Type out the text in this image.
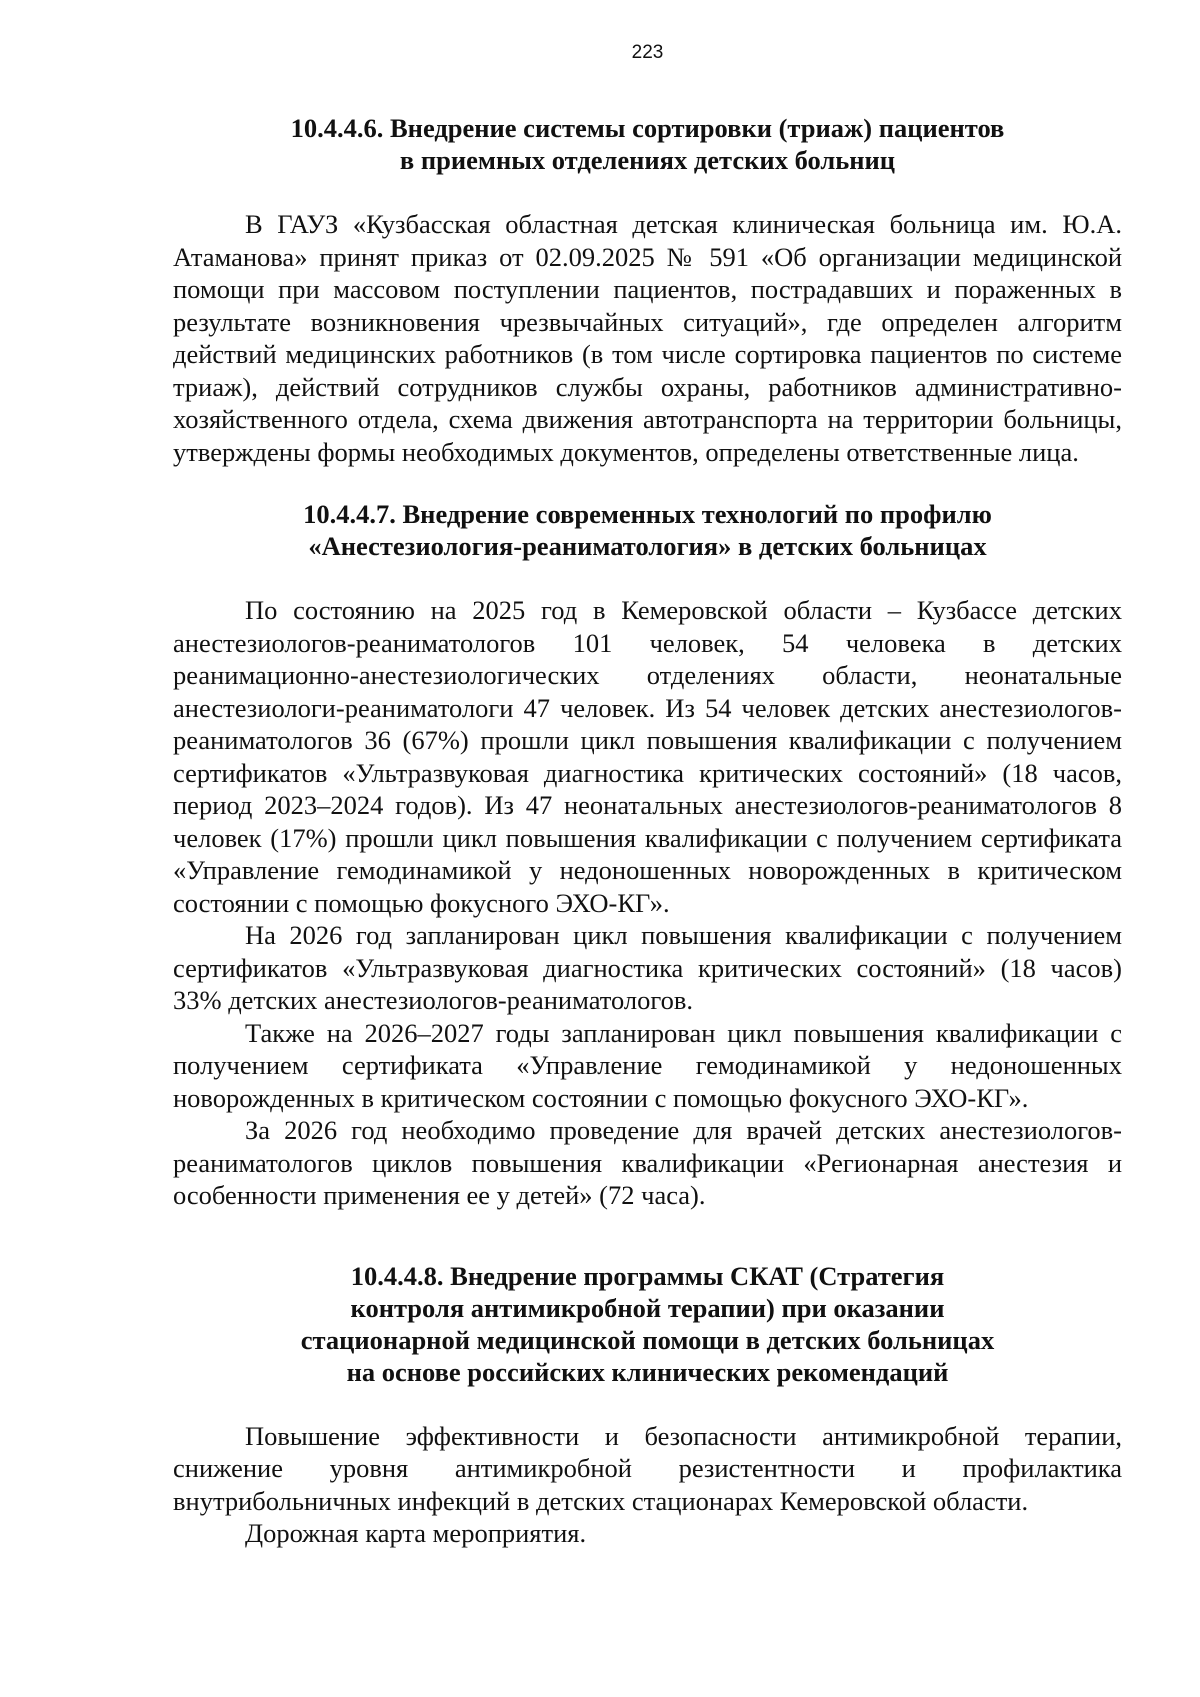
223
10.4.4.6. Внедрение системы сортировки (триаж) пациентов
в приемных отделениях детских больниц

В ГАУЗ «Кузбасская областная детская клиническая больница им. Ю.А. Атаманова» принят приказ от 02.09.2025 № 591 «Об организации медицинской помощи при массовом поступлении пациентов, пострадавших и пораженных в результате возникновения чрезвычайных ситуаций», где определен алгоритм действий медицинских работников (в том числе сортировка пациентов по системе триаж), действий сотрудников службы охраны, работников административно-хозяйственного отдела, схема движения автотранспорта на территории больницы, утверждены формы необходимых документов, определены ответственные лица.

10.4.4.7. Внедрение современных технологий по профилю
«Анестезиология-реаниматология» в детских больницах

По состоянию на 2025 год в Кемеровской области – Кузбассе детских анестезиологов-реаниматологов 101 человек, 54 человека в детских реанимационно-анестезиологических отделениях области, неонатальные анестезиологи-реаниматологи 47 человек. Из 54 человек детских анестезиологов-реаниматологов 36 (67%) прошли цикл повышения квалификации с получением сертификатов «Ультразвуковая диагностика критических состояний» (18 часов, период 2023–2024 годов). Из 47 неонатальных анестезиологов-реаниматологов 8 человек (17%) прошли цикл повышения квалификации с получением сертификата «Управление гемодинамикой у недоношенных новорожденных в критическом состоянии с помощью фокусного ЭХО-КГ».

На 2026 год запланирован цикл повышения квалификации с получением сертификатов «Ультразвуковая диагностика критических состояний» (18 часов) 33% детских анестезиологов-реаниматологов.

Также на 2026–2027 годы запланирован цикл повышения квалификации с получением сертификата «Управление гемодинамикой у недоношенных новорожденных в критическом состоянии с помощью фокусного ЭХО-КГ».

За 2026 год необходимо проведение для врачей детских анестезиологов-реаниматологов циклов повышения квалификации «Регионарная анестезия и особенности применения ее у детей» (72 часа).

10.4.4.8. Внедрение программы СКАТ (Стратегия
контроля антимикробной терапии) при оказании
стационарной медицинской помощи в детских больницах
на основе российских клинических рекомендаций

Повышение эффективности и безопасности антимикробной терапии, снижение уровня антимикробной резистентности и профилактика внутрибольничных инфекций в детских стационарах Кемеровской области.

Дорожная карта мероприятия.
